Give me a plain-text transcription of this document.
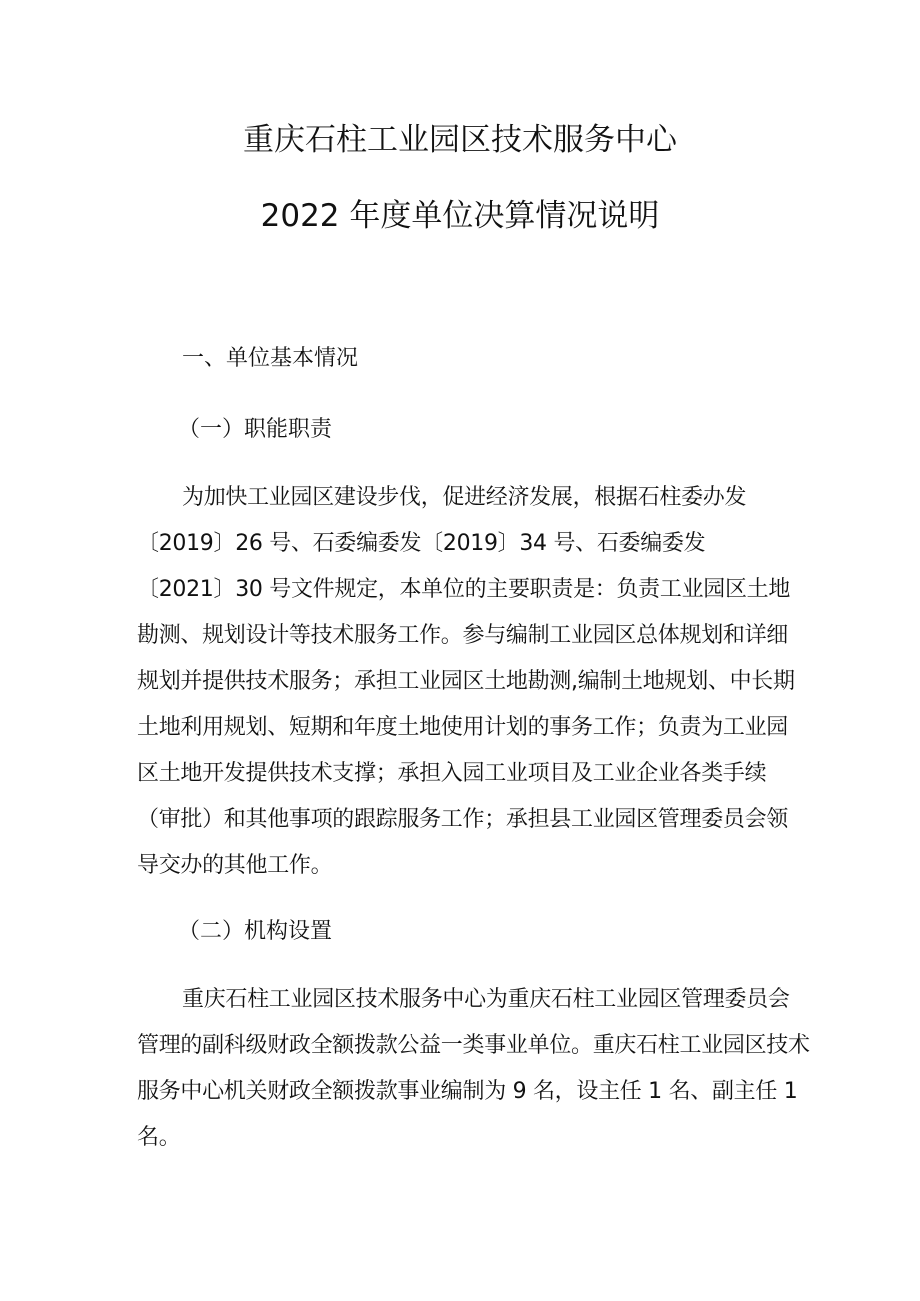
重庆石柱工业园区技术服务中心
2022 年度单位决算情况说明
一、单位基本情况
（一）职能职责
为加快工业园区建设步伐，促进经济发展，根据石柱委办发
〔2019〕26 号、石委编委发〔2019〕34 号、石委编委发
〔2021〕30 号文件规定，本单位的主要职责是：负责工业园区土地
勘测、规划设计等技术服务工作。参与编制工业园区总体规划和详细
规划并提供技术服务；承担工业园区土地勘测,编制土地规划、中长期
土地利用规划、短期和年度土地使用计划的事务工作；负责为工业园
区土地开发提供技术支撑；承担入园工业项目及工业企业各类手续
（审批）和其他事项的跟踪服务工作；承担县工业园区管理委员会领
导交办的其他工作。
（二）机构设置
重庆石柱工业园区技术服务中心为重庆石柱工业园区管理委员会
管理的副科级财政全额拨款公益一类事业单位。重庆石柱工业园区技术
服务中心机关财政全额拨款事业编制为 9 名，设主任 1 名、副主任 1
名。
